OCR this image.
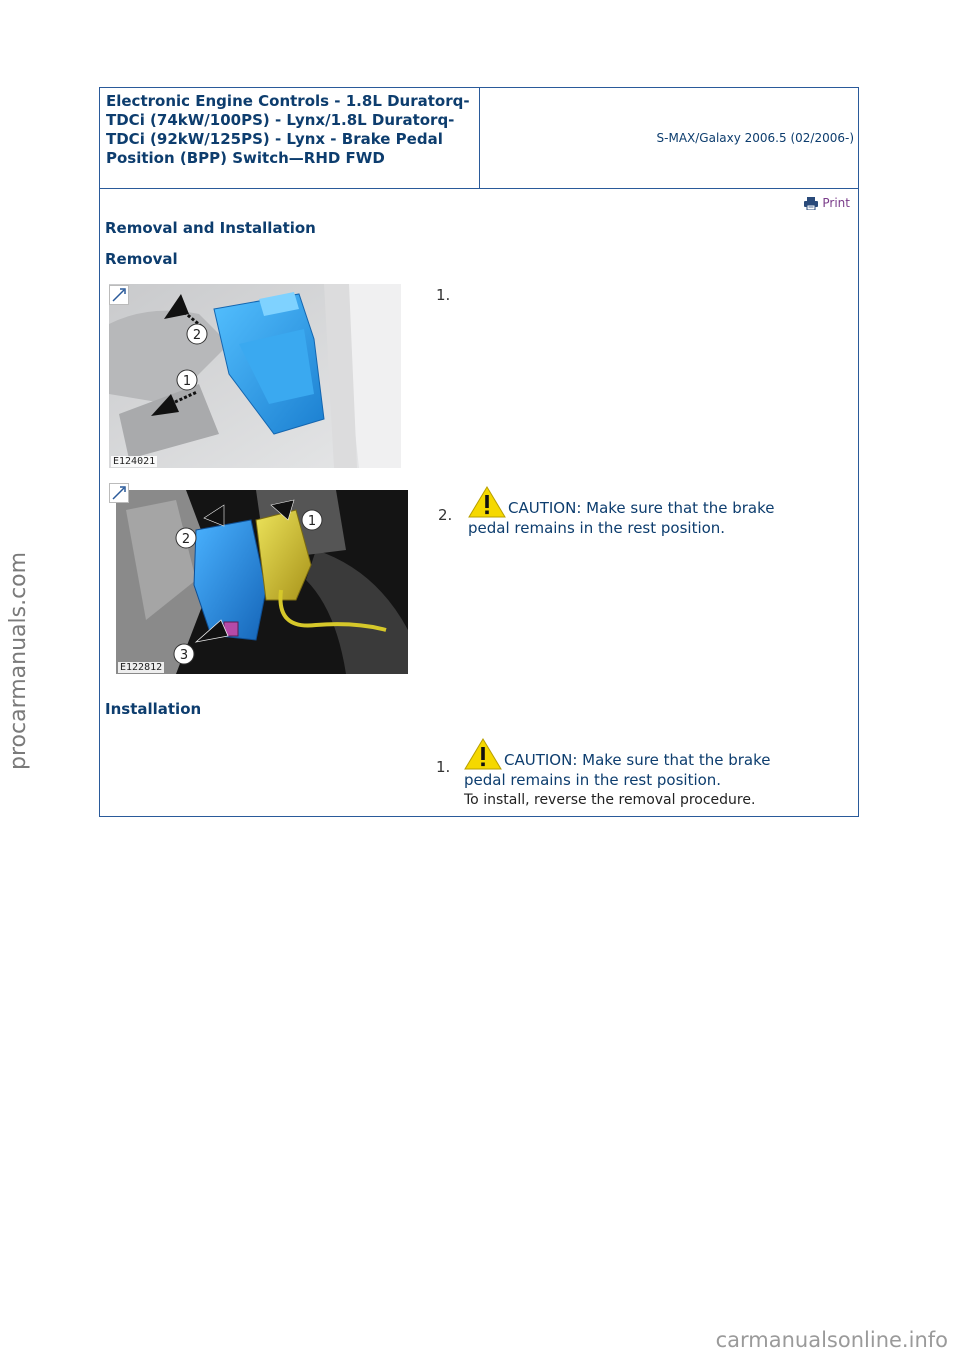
Electronic Engine Controls - 1.8L Duratorq-TDCi (74kW/100PS) - Lynx/1.8L Duratorq-TDCi (92kW/125PS) - Lynx - Brake Pedal Position (BPP) Switch—RHD FWD

S-MAX/Galaxy 2006.5 (02/2006-)
Print
Removal and Installation
Removal
2
1
E124021
1.
2
1
3
E122812
2.	CAUTION: Make sure that the brake pedal remains in the rest position.
Installation
1.	CAUTION: Make sure that the brake pedal remains in the rest position.
To install, reverse the removal procedure.
procarmanuals.com
carmanualsonline.info
